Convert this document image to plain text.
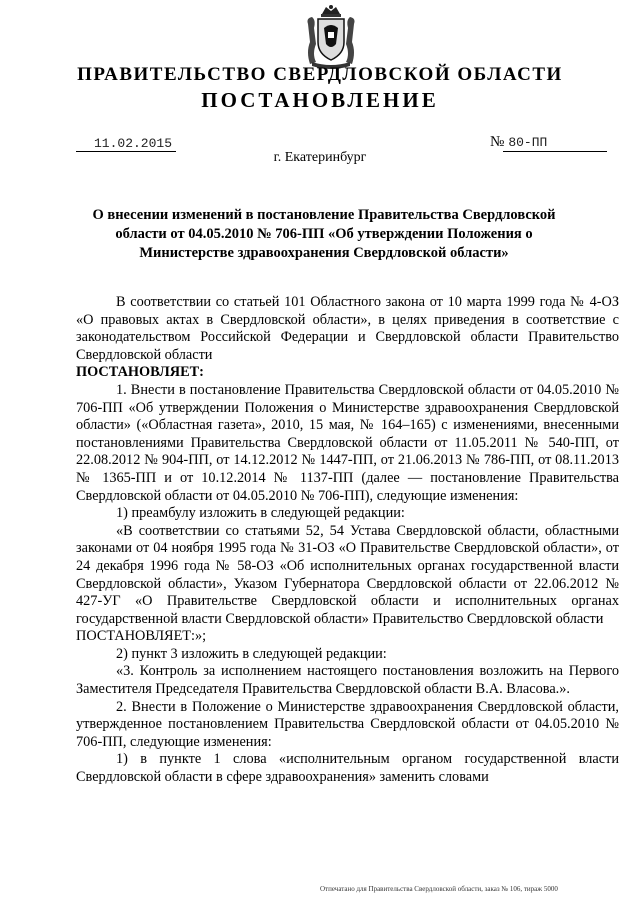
ПРАВИТЕЛЬСТВО СВЕРДЛОВСКОЙ ОБЛАСТИ
ПОСТАНОВЛЕНИЕ
11.02.2015	№ 80-ПП
г. Екатеринбург
О внесении изменений в постановление Правительства Свердловской области от 04.05.2010 № 706-ПП «Об утверждении Положения о Министерстве здравоохранения Свердловской области»

В соответствии со статьей 101 Областного закона от 10 марта 1999 года № 4-ОЗ «О правовых актах в Свердловской области», в целях приведения в соответствие с законодательством Российской Федерации и Свердловской области Правительство Свердловской области

ПОСТАНОВЛЯЕТ:

1. Внести в постановление Правительства Свердловской области от 04.05.2010 № 706-ПП «Об утверждении Положения о Министерстве здравоохранения Свердловской области» («Областная газета», 2010, 15 мая, № 164–165) с изменениями, внесенными постановлениями Правительства Свердловской области от 11.05.2011 № 540-ПП, от 22.08.2012 № 904-ПП, от 14.12.2012 № 1447-ПП, от 21.06.2013 № 786-ПП, от 08.11.2013 № 1365-ПП и от 10.12.2014 № 1137-ПП (далее — постановление Правительства Свердловской области от 04.05.2010 № 706-ПП), следующие изменения:

1) преамбулу изложить в следующей редакции:

«В соответствии со статьями 52, 54 Устава Свердловской области, областными законами от 04 ноября 1995 года № 31-ОЗ «О Правительстве Свердловской области», от 24 декабря 1996 года № 58-ОЗ «Об исполнительных органах государственной власти Свердловской области», Указом Губернатора Свердловской области от 22.06.2012 № 427-УГ «О Правительстве Свердловской области и исполнительных органах государственной власти Свердловской области» Правительство Свердловской области

ПОСТАНОВЛЯЕТ:»;

2) пункт 3 изложить в следующей редакции:

«3. Контроль за исполнением настоящего постановления возложить на Первого Заместителя Председателя Правительства Свердловской области В.А. Власова.».

2. Внести в Положение о Министерстве здравоохранения Свердловской области, утвержденное постановлением Правительства Свердловской области от 04.05.2010 № 706-ПП, следующие изменения:

1) в пункте 1 слова «исполнительным органом государственной власти Свердловской области в сфере здравоохранения» заменить словами

Отпечатано для Правительства Свердловской области, заказ № 106, тираж 5000
